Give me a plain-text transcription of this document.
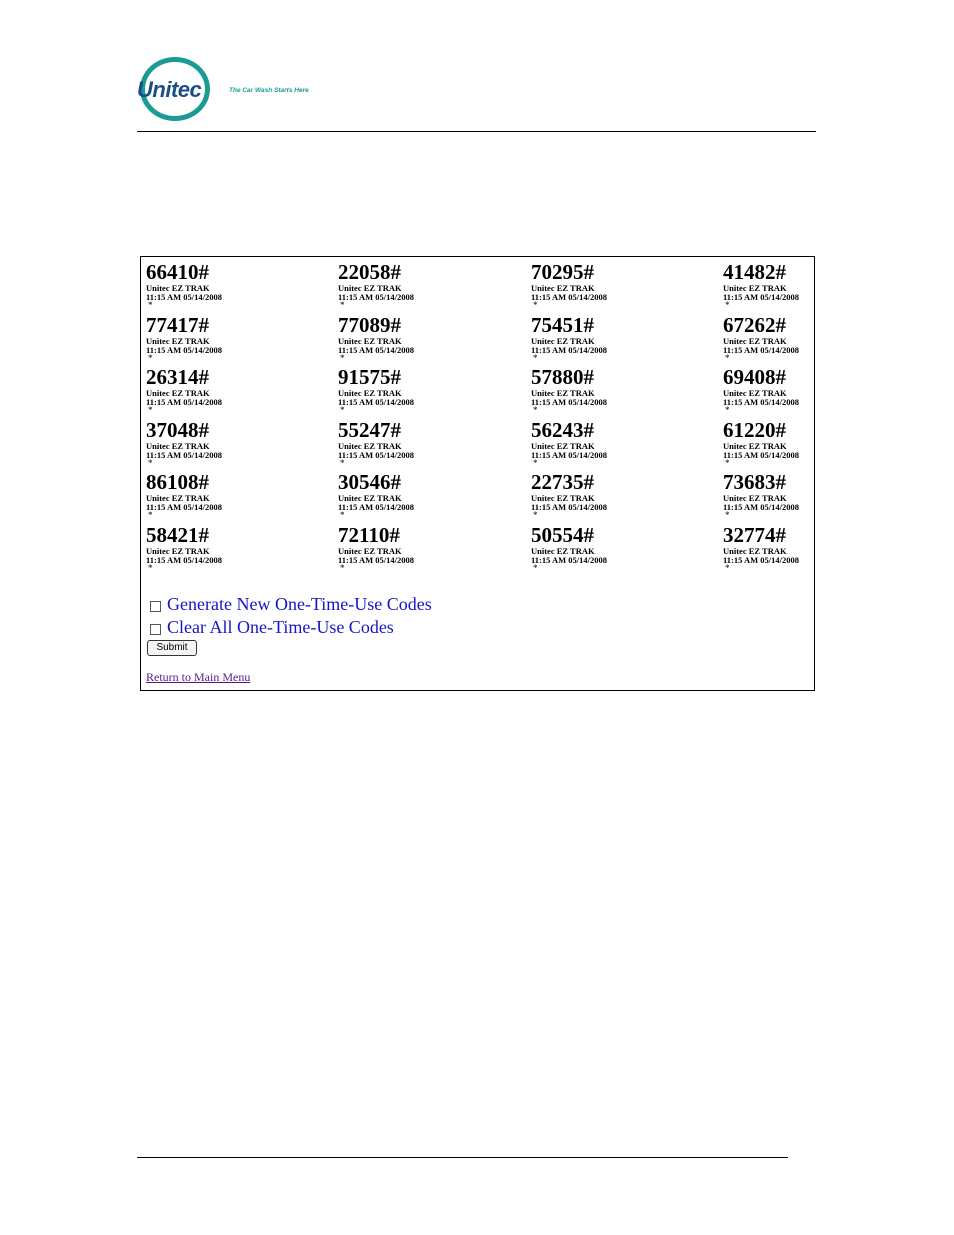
Unitec	The Car Wash Starts Here
66410#
Unitec EZ TRAK
11:15 AM 05/14/2008
*
22058#
Unitec EZ TRAK
11:15 AM 05/14/2008
*
70295#
Unitec EZ TRAK
11:15 AM 05/14/2008
*
41482#
Unitec EZ TRAK
11:15 AM 05/14/2008
*
77417#
Unitec EZ TRAK
11:15 AM 05/14/2008
*
77089#
Unitec EZ TRAK
11:15 AM 05/14/2008
*
75451#
Unitec EZ TRAK
11:15 AM 05/14/2008
*
67262#
Unitec EZ TRAK
11:15 AM 05/14/2008
*
26314#
Unitec EZ TRAK
11:15 AM 05/14/2008
*
91575#
Unitec EZ TRAK
11:15 AM 05/14/2008
*
57880#
Unitec EZ TRAK
11:15 AM 05/14/2008
*
69408#
Unitec EZ TRAK
11:15 AM 05/14/2008
*
37048#
Unitec EZ TRAK
11:15 AM 05/14/2008
*
55247#
Unitec EZ TRAK
11:15 AM 05/14/2008
*
56243#
Unitec EZ TRAK
11:15 AM 05/14/2008
*
61220#
Unitec EZ TRAK
11:15 AM 05/14/2008
*
86108#
Unitec EZ TRAK
11:15 AM 05/14/2008
*
30546#
Unitec EZ TRAK
11:15 AM 05/14/2008
*
22735#
Unitec EZ TRAK
11:15 AM 05/14/2008
*
73683#
Unitec EZ TRAK
11:15 AM 05/14/2008
*
58421#
Unitec EZ TRAK
11:15 AM 05/14/2008
*
72110#
Unitec EZ TRAK
11:15 AM 05/14/2008
*
50554#
Unitec EZ TRAK
11:15 AM 05/14/2008
*
32774#
Unitec EZ TRAK
11:15 AM 05/14/2008
*
Generate New One-Time-Use Codes
Clear All One-Time-Use Codes
Submit
Return to Main Menu
